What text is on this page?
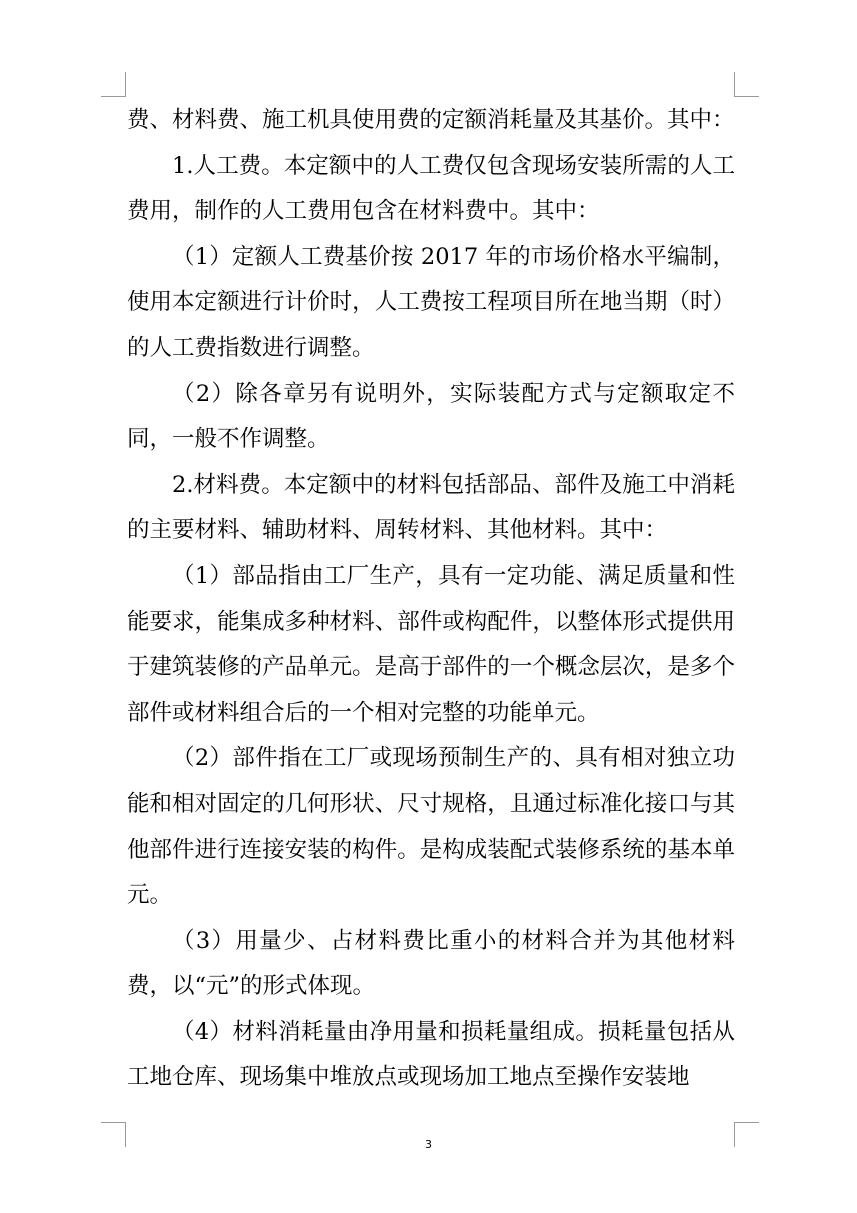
费、材料费、施工机具使用费的定额消耗量及其基价。其中：

1.人工费。本定额中的人工费仅包含现场安装所需的人工费用，制作的人工费用包含在材料费中。其中：

（1）定额人工费基价按 2017 年的市场价格水平编制，使用本定额进行计价时，人工费按工程项目所在地当期（时）的人工费指数进行调整。

（2）除各章另有说明外，实际装配方式与定额取定不同，一般不作调整。

2.材料费。本定额中的材料包括部品、部件及施工中消耗的主要材料、辅助材料、周转材料、其他材料。其中：

（1）部品指由工厂生产，具有一定功能、满足质量和性能要求，能集成多种材料、部件或构配件，以整体形式提供用于建筑装修的产品单元。是高于部件的一个概念层次，是多个部件或材料组合后的一个相对完整的功能单元。

（2）部件指在工厂或现场预制生产的、具有相对独立功能和相对固定的几何形状、尺寸规格，且通过标准化接口与其他部件进行连接安装的构件。是构成装配式装修系统的基本单元。

（3）用量少、占材料费比重小的材料合并为其他材料费，以“元”的形式体现。

（4）材料消耗量由净用量和损耗量组成。损耗量包括从工地仓库、现场集中堆放点或现场加工地点至操作安装地

3
